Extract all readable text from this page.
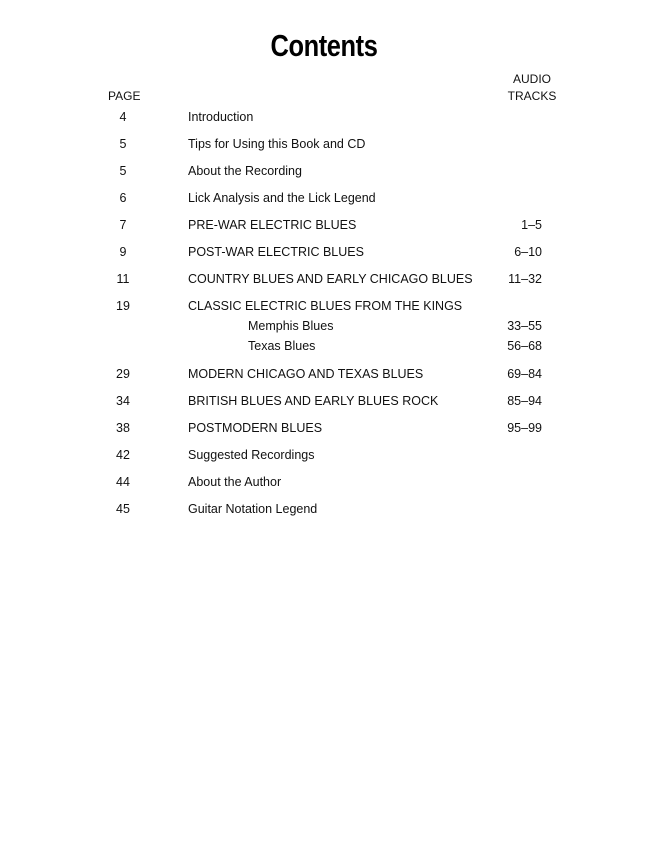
Contents
PAGE
AUDIO
TRACKS
4	Introduction
5	Tips for Using this Book and CD
5	About the Recording
6	Lick Analysis and the Lick Legend
7	PRE-WAR ELECTRIC BLUES	1–5
9	POST-WAR ELECTRIC BLUES	6–10
11	COUNTRY BLUES AND EARLY CHICAGO BLUES	11–32
19	CLASSIC ELECTRIC BLUES FROM THE KINGS
Memphis Blues	33–55
Texas Blues	56–68
29	MODERN CHICAGO AND TEXAS BLUES	69–84
34	BRITISH BLUES AND EARLY BLUES ROCK	85–94
38	POSTMODERN BLUES	95–99
42	Suggested Recordings
44	About the Author
45	Guitar Notation Legend
